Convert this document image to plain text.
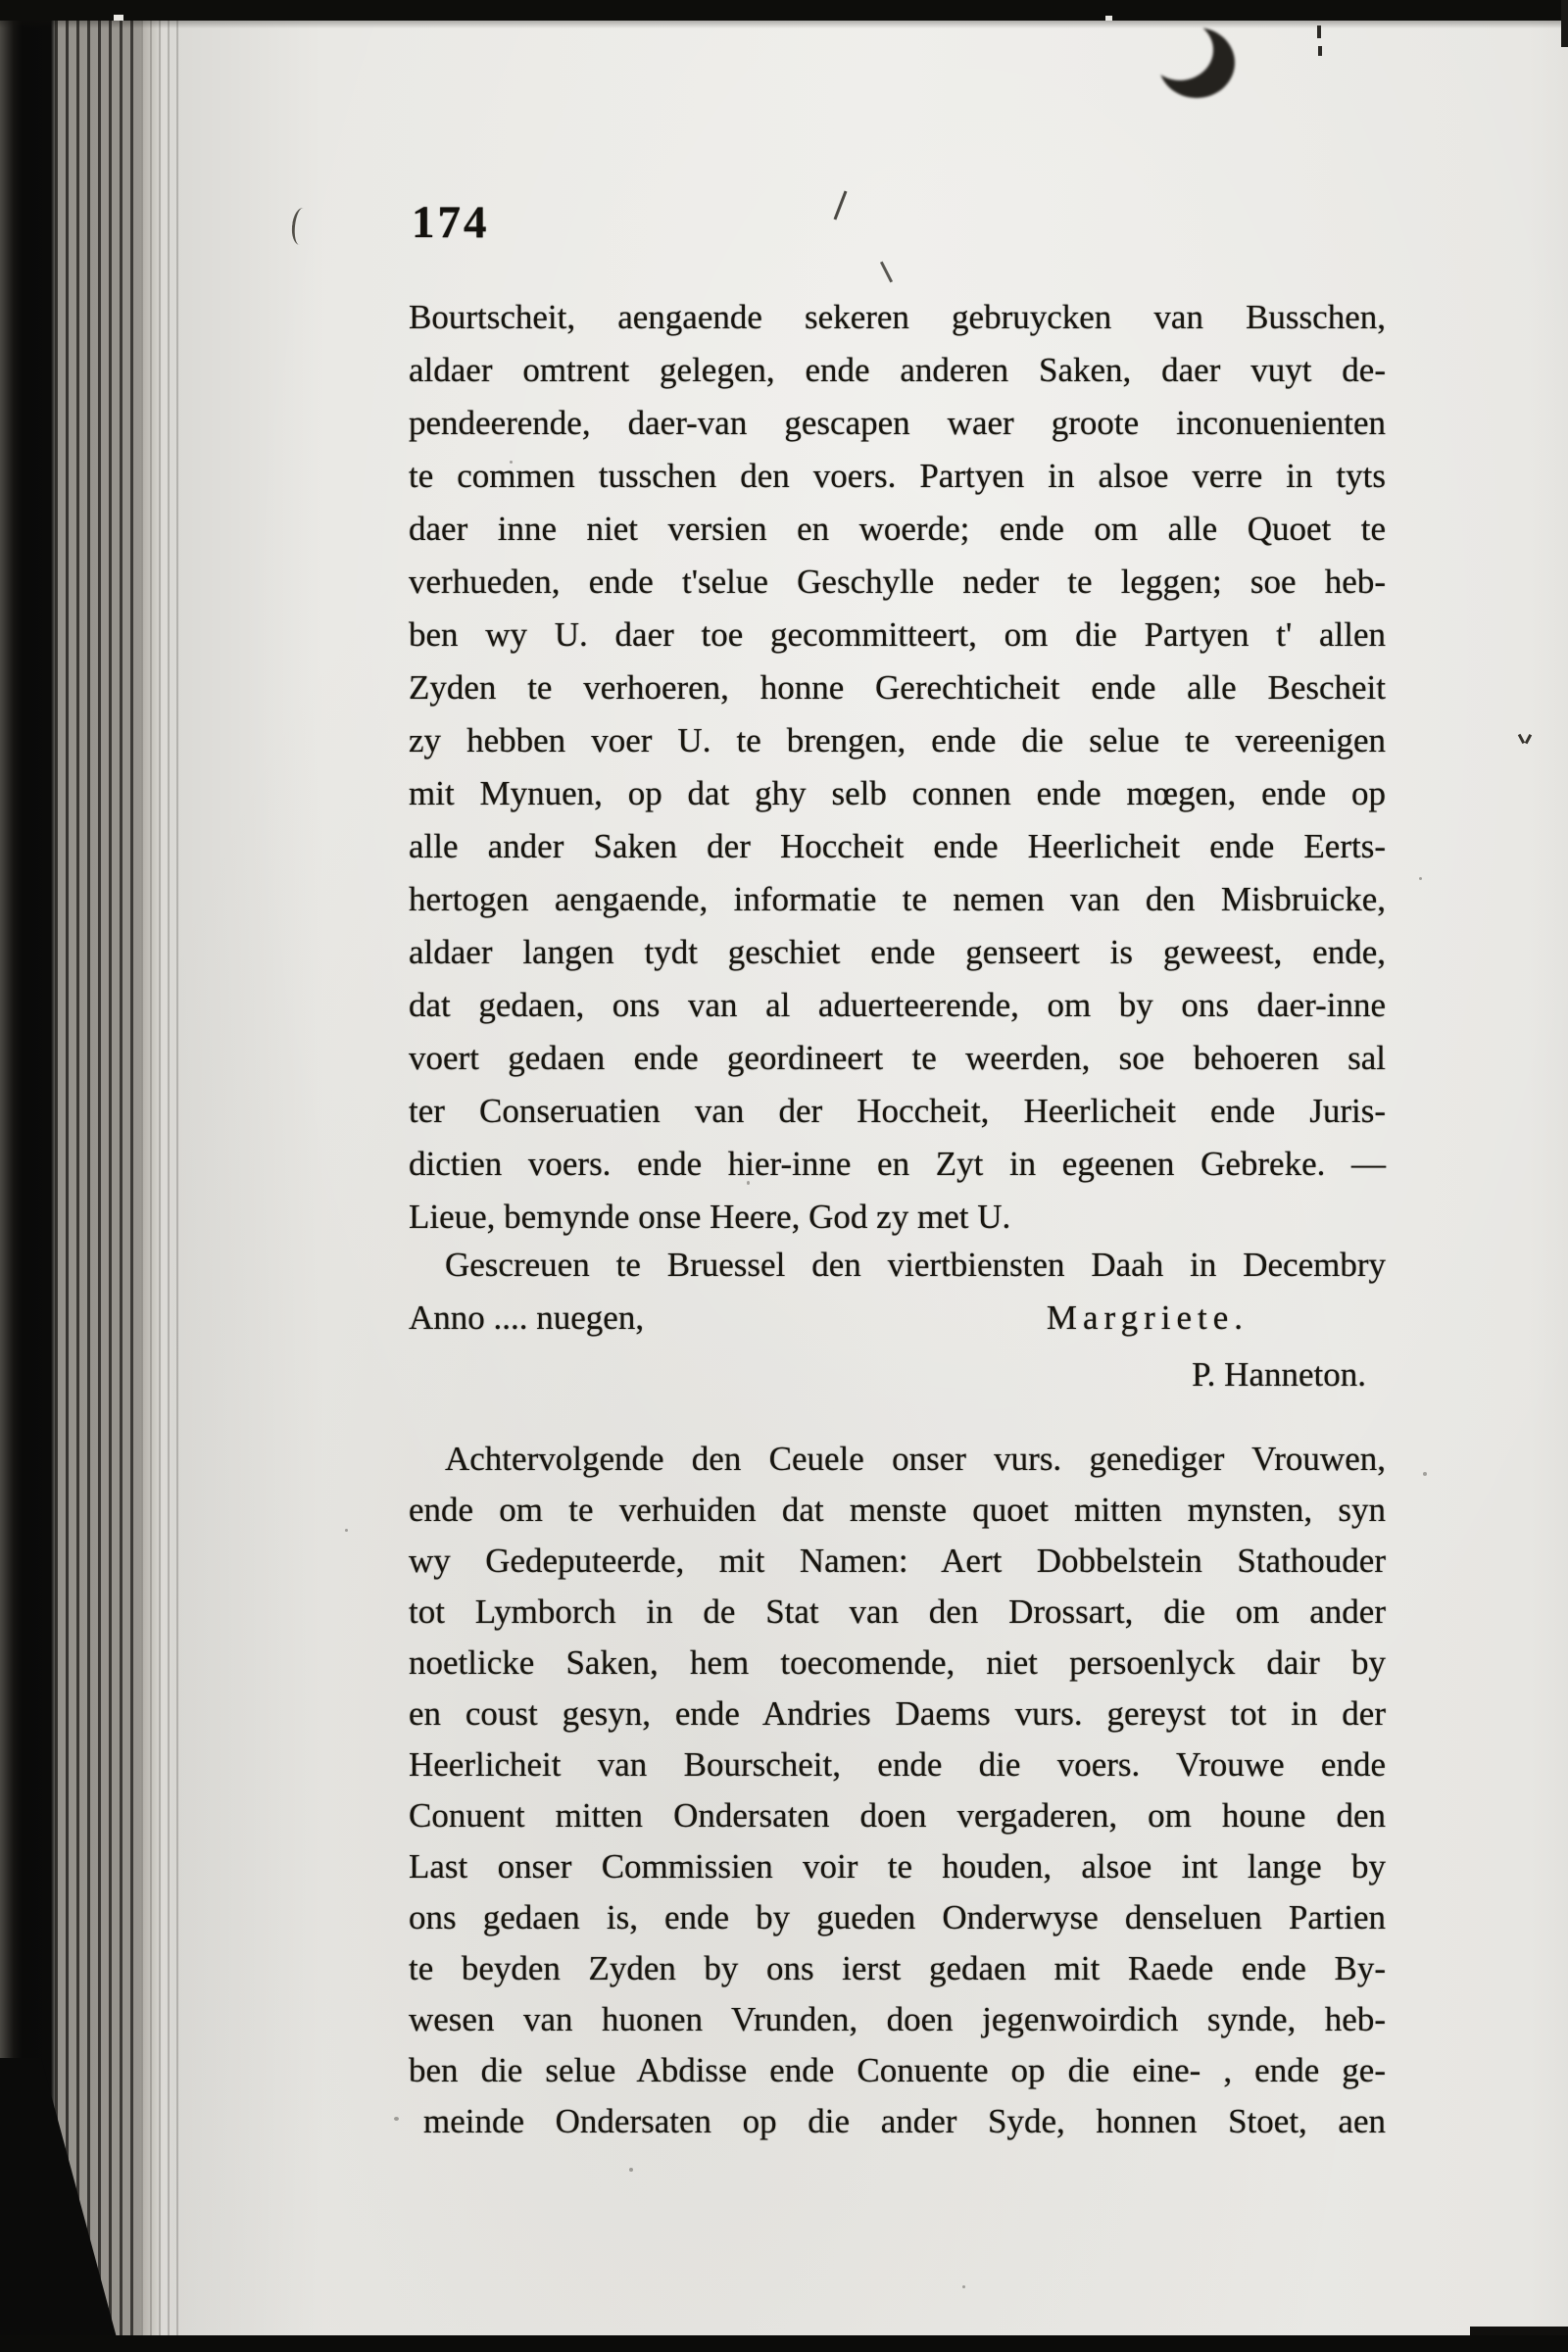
174
Bourtscheit, aengaende sekeren gebruycken van Busschen,
aldaer omtrent gelegen, ende anderen Saken, daer vuyt de-
pendeerende, daer-van gescapen waer groote inconuenienten
te commen tusschen den voers. Partyen in alsoe verre in tyts
daer inne niet versien en woerde; ende om alle Quoet te
verhueden, ende t'selue Geschylle neder te leggen; soe heb-
ben wy U. daer toe gecommitteert, om die Partyen t' allen
Zyden te verhoeren, honne Gerechticheit ende alle Bescheit
zy hebben voer U. te brengen, ende die selue te vereenigen
mit Mynuen, op dat ghy selb connen ende mœgen, ende op
alle ander Saken der Hoccheit ende Heerlicheit ende Eerts-
hertogen aengaende, informatie te nemen van den Misbruicke,
aldaer langen tydt geschiet ende genseert is geweest, ende,
dat gedaen, ons van al aduerteerende, om by ons daer-inne
voert gedaen ende geordineert te weerden, soe behoeren sal
ter Conseruatien van der Hoccheit, Heerlicheit ende Juris-
dictien voers. ende hier-inne en Zyt in egeenen Gebreke. —
Lieue, bemynde onse Heere, God zy met U.
Gescreuen te Bruessel den viertbiensten Daah in Decembry
Anno .... nuegen,	Margriete.
P. Hanneton.
Achtervolgende den Ceuele onser vurs. genediger Vrouwen,
ende om te verhuiden dat menste quoet mitten mynsten, syn
wy Gedeputeerde, mit Namen: Aert Dobbelstein Stathouder
tot Lymborch in de Stat van den Drossart, die om ander
noetlicke Saken, hem toecomende, niet persoenlyck dair by
en coust gesyn, ende Andries Daems vurs. gereyst tot in der
Heerlicheit van Bourscheit, ende die voers. Vrouwe ende
Conuent mitten Ondersaten doen vergaderen, om houne den
Last onser Commissien voir te houden, alsoe int lange by
ons gedaen is, ende by gueden Onderwyse denseluen Partien
te beyden Zyden by ons ierst gedaen mit Raede ende By-
wesen van huonen Vrunden, doen jegenwoirdich synde, heb-
ben die selue Abdisse ende Conuente op die eine- , ende ge-
meinde Ondersaten op die ander Syde, honnen Stoet, aen
